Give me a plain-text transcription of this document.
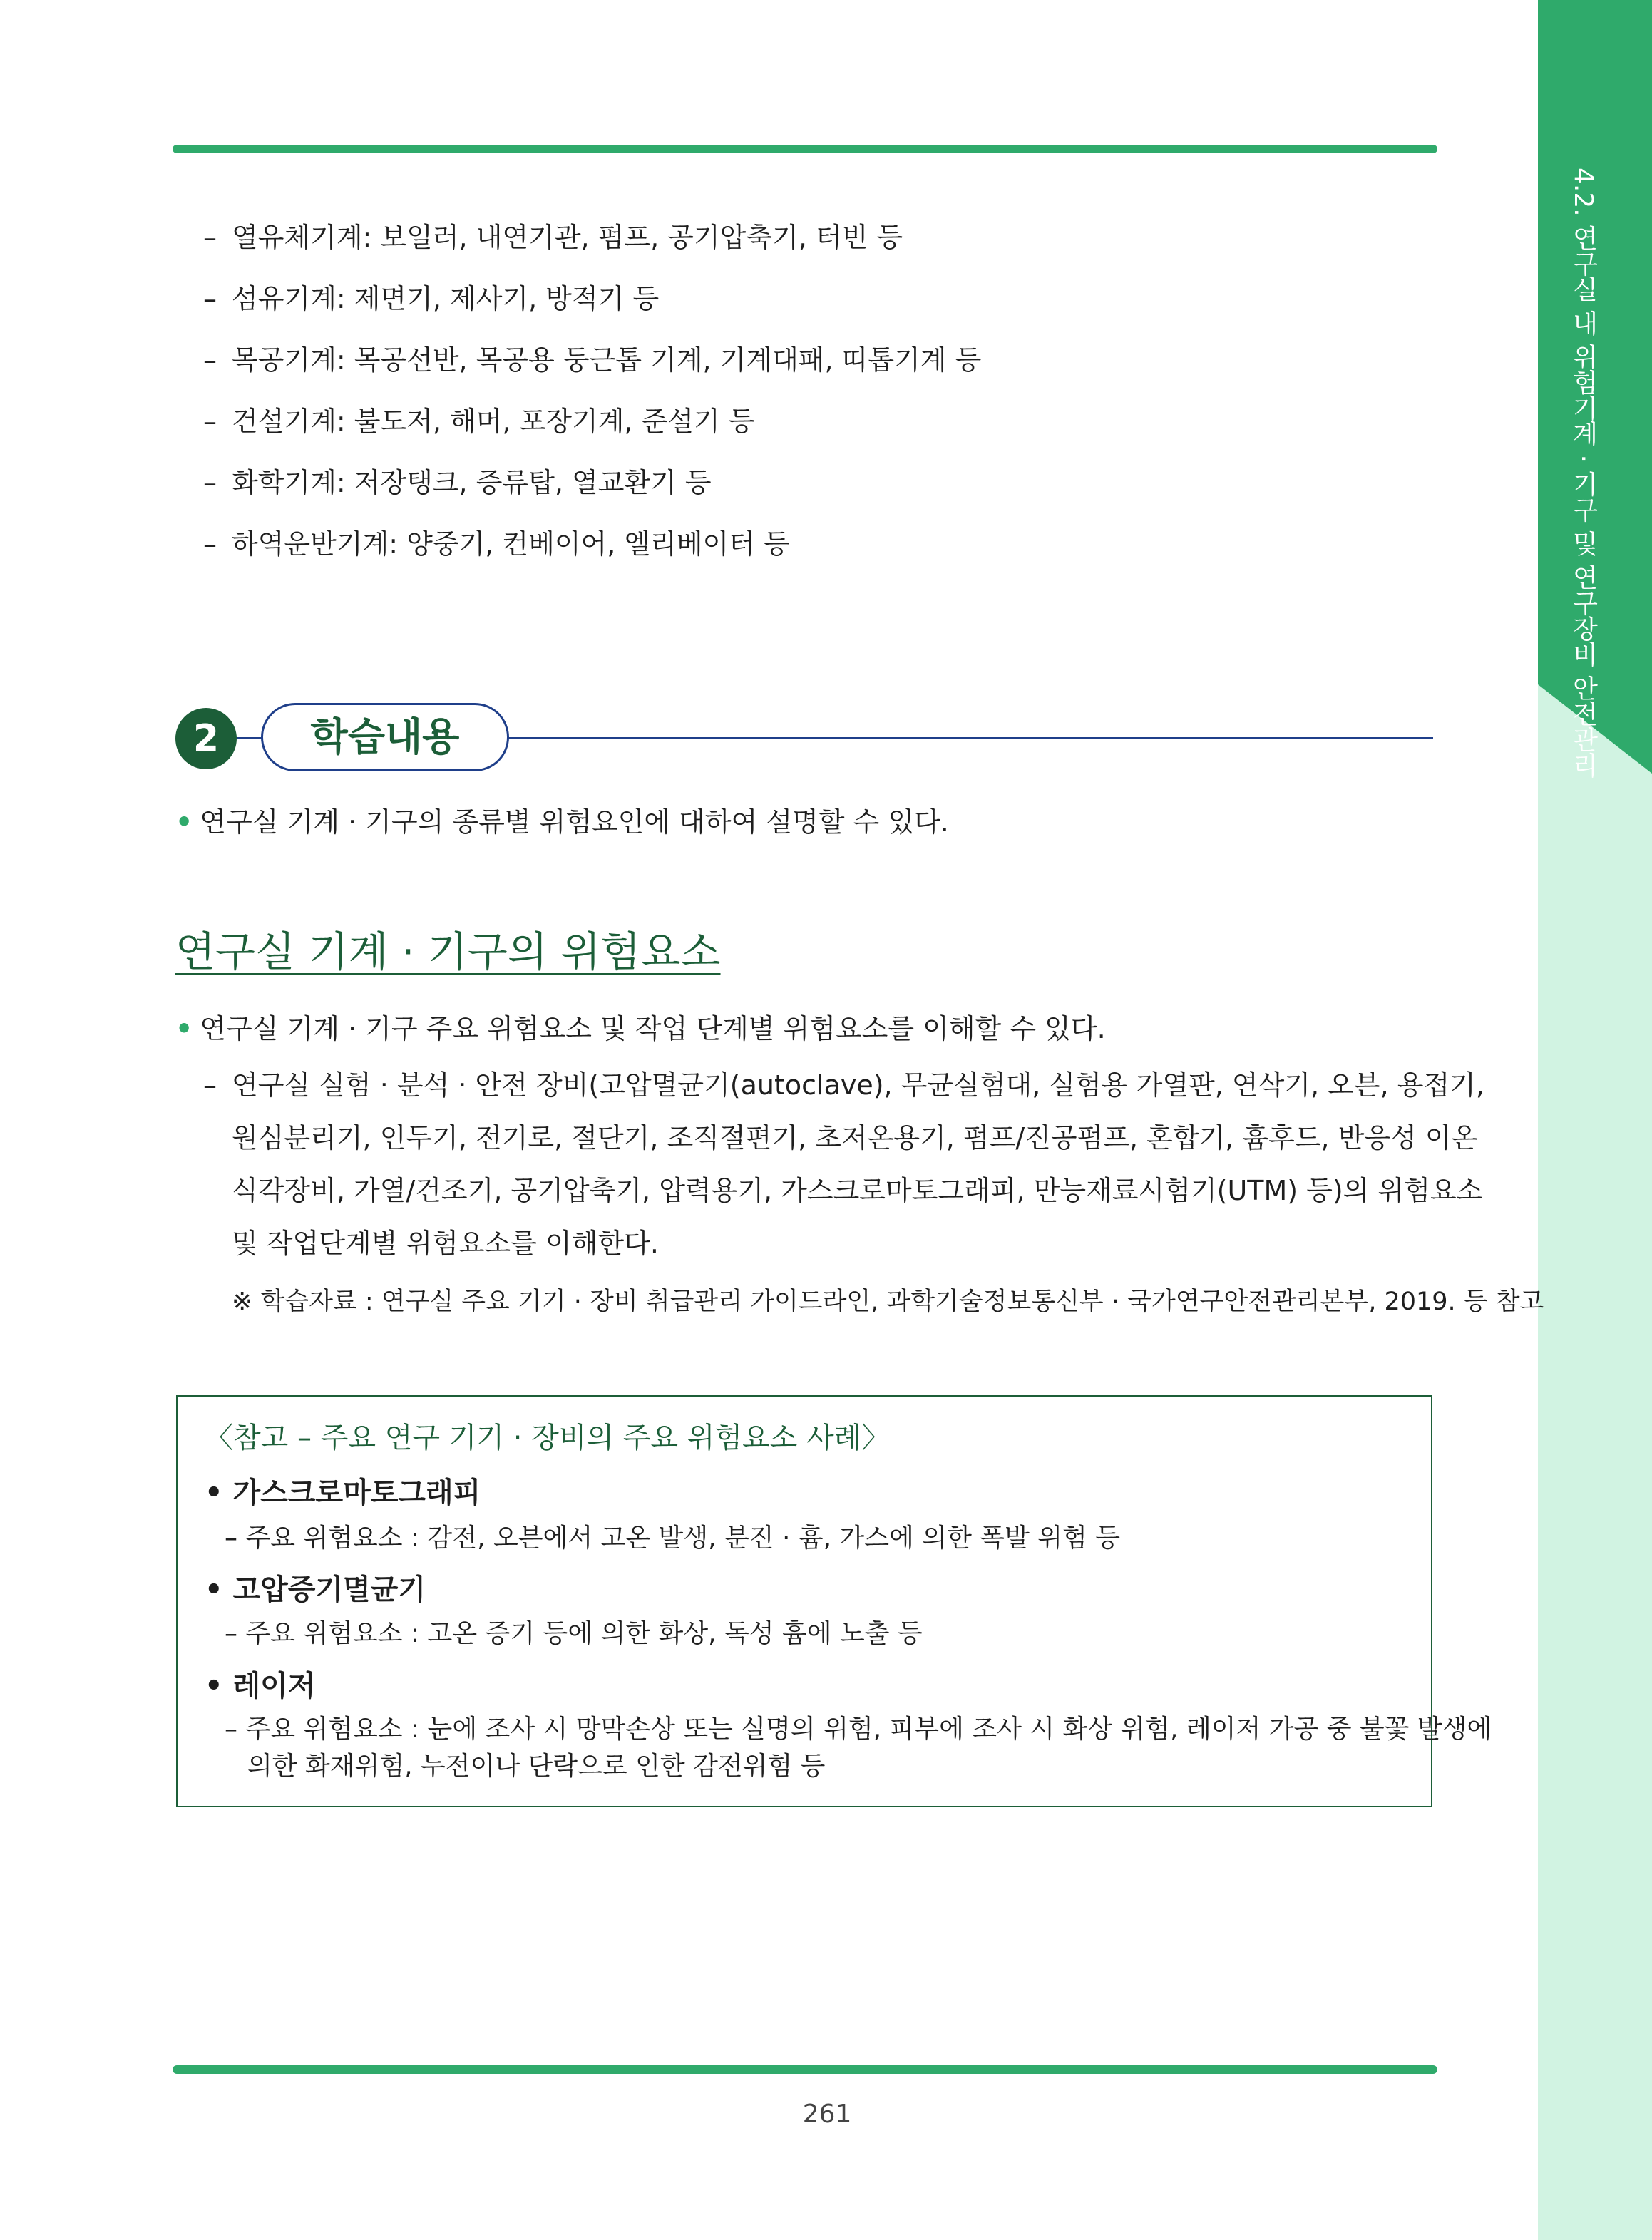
4.2. 연구실 내 위험기계 · 기구 및 연구장비 안전관리
– 열유체기계: 보일러, 내연기관, 펌프, 공기압축기, 터빈 등
– 섬유기계: 제면기, 제사기, 방적기 등
– 목공기계: 목공선반, 목공용 둥근톱 기계, 기계대패, 띠톱기계 등
– 건설기계: 불도저, 해머, 포장기계, 준설기 등
– 화학기계: 저장탱크, 증류탑, 열교환기 등
– 하역운반기계: 양중기, 컨베이어, 엘리베이터 등
2	학습내용
• 연구실 기계 · 기구의 종류별 위험요인에 대하여 설명할 수 있다.
연구실 기계 · 기구의 위험요소
• 연구실 기계 · 기구 주요 위험요소 및 작업 단계별 위험요소를 이해할 수 있다.
– 연구실 실험 · 분석 · 안전 장비(고압멸균기(autoclave), 무균실험대, 실험용 가열판, 연삭기, 오븐, 용접기,
원심분리기, 인두기, 전기로, 절단기, 조직절편기, 초저온용기, 펌프/진공펌프, 혼합기, 흄후드, 반응성 이온
식각장비, 가열/건조기, 공기압축기, 압력용기, 가스크로마토그래피, 만능재료시험기(UTM) 등)의 위험요소
및 작업단계별 위험요소를 이해한다.
※ 학습자료 : 연구실 주요 기기 · 장비 취급관리 가이드라인, 과학기술정보통신부 · 국가연구안전관리본부, 2019. 등 참고
〈참고 – 주요 연구 기기 · 장비의 주요 위험요소 사례〉
• 가스크로마토그래피
– 주요 위험요소 : 감전, 오븐에서 고온 발생, 분진 · 흄, 가스에 의한 폭발 위험 등
• 고압증기멸균기
– 주요 위험요소 : 고온 증기 등에 의한 화상, 독성 흄에 노출 등
• 레이저
– 주요 위험요소 : 눈에 조사 시 망막손상 또는 실명의 위험, 피부에 조사 시 화상 위험, 레이저 가공 중 불꽃 발생에
의한 화재위험, 누전이나 단락으로 인한 감전위험 등
261
